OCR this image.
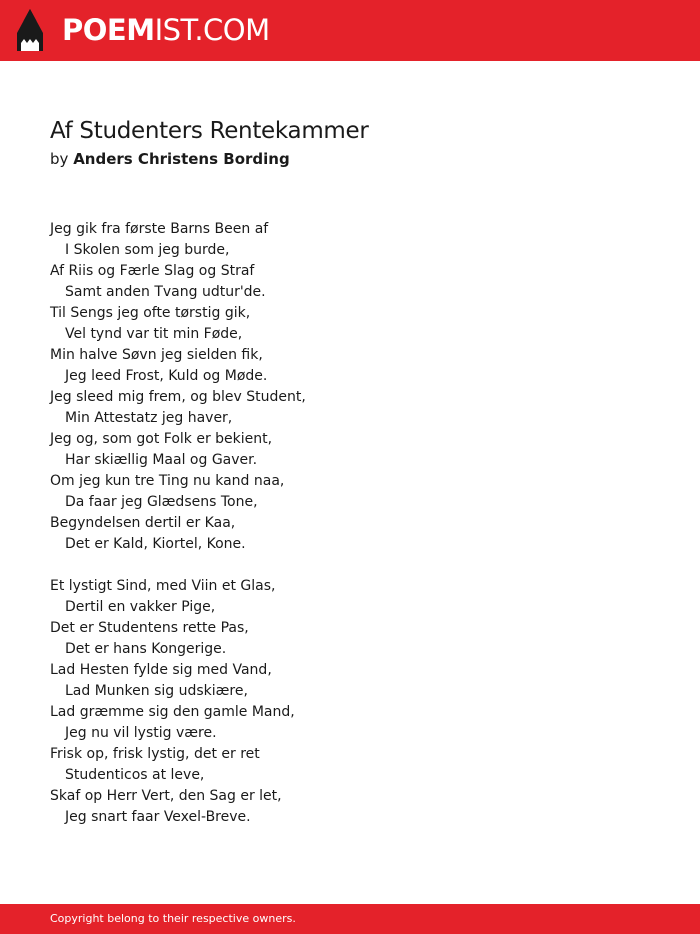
POEMIST.COM
Af Studenters Rentekammer
by Anders Christens Bording
Jeg gik fra første Barns Been af
I Skolen som jeg burde,
Af Riis og Færle Slag og Straf
Samt anden Tvang udtur'de.
Til Sengs jeg ofte tørstig gik,
Vel tynd var tit min Føde,
Min halve Søvn jeg sielden fik,
Jeg leed Frost, Kuld og Møde.
Jeg sleed mig frem, og blev Student,
Min Attestatz jeg haver,
Jeg og, som got Folk er bekient,
Har skiællig Maal og Gaver.
Om jeg kun tre Ting nu kand naa,
Da faar jeg Glædsens Tone,
Begyndelsen dertil er Kaa,
Det er Kald, Kiortel, Kone.
Et lystigt Sind, med Viin et Glas,
Dertil en vakker Pige,
Det er Studentens rette Pas,
Det er hans Kongerige.
Lad Hesten fylde sig med Vand,
Lad Munken sig udskiære,
Lad græmme sig den gamle Mand,
Jeg nu vil lystig være.
Frisk op, frisk lystig, det er ret
Studenticos at leve,
Skaf op Herr Vert, den Sag er let,
Jeg snart faar Vexel-Breve.
Copyright belong to their respective owners.
